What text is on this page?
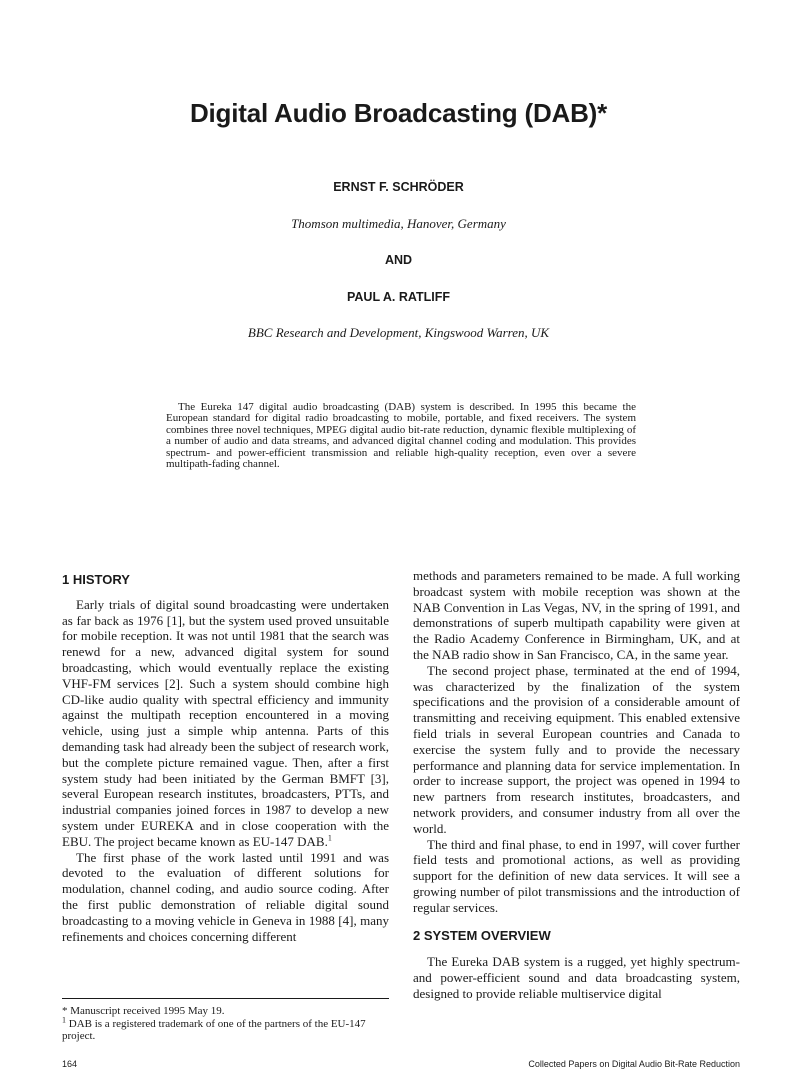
Digital Audio Broadcasting (DAB)*
ERNST F. SCHRÖDER
Thomson multimedia, Hanover, Germany
AND
PAUL A. RATLIFF
BBC Research and Development, Kingswood Warren, UK
The Eureka 147 digital audio broadcasting (DAB) system is described. In 1995 this became the European standard for digital radio broadcasting to mobile, portable, and fixed receivers. The system combines three novel techniques, MPEG digital audio bit-rate reduction, dynamic flexible multiplexing of a number of audio and data streams, and advanced digital channel coding and modulation. This provides spectrum- and power-efficient transmission and reliable high-quality reception, even over a severe multipath-fading channel.
1 HISTORY

Early trials of digital sound broadcasting were undertaken as far back as 1976 [1], but the system used proved unsuitable for mobile reception. It was not until 1981 that the search was renewd for a new, advanced digital system for sound broadcasting, which would eventually replace the existing VHF-FM services [2]. Such a system should combine high CD-like audio quality with spectral efficiency and immunity against the multipath reception encountered in a moving vehicle, using just a simple whip antenna. Parts of this demanding task had already been the subject of research work, but the complete picture remained vague. Then, after a first system study had been initiated by the German BMFT [3], several European research institutes, broadcasters, PTTs, and industrial companies joined forces in 1987 to develop a new system under EUREKA and in close cooperation with the EBU. The project became known as EU-147 DAB.$^1$

The first phase of the work lasted until 1991 and was devoted to the evaluation of different solutions for modulation, channel coding, and audio source coding. After the first public demonstration of reliable digital sound broadcasting to a moving vehicle in Geneva in 1988 [4], many refinements and choices concerning different

methods and parameters remained to be made. A full working broadcast system with mobile reception was shown at the NAB Convention in Las Vegas, NV, in the spring of 1991, and demonstrations of superb multipath capability were given at the Radio Academy Conference in Birmingham, UK, and at the NAB radio show in San Francisco, CA, in the same year.

The second project phase, terminated at the end of 1994, was characterized by the finalization of the system specifications and the provision of a considerable amount of transmitting and receiving equipment. This enabled extensive field trials in several European countries and Canada to exercise the system fully and to provide the necessary performance and planning data for service implementation. In order to increase support, the project was opened in 1994 to new partners from research institutes, broadcasters, and network providers, and consumer industry from all over the world.

The third and final phase, to end in 1997, will cover further field tests and promotional actions, as well as providing support for the definition of new data services. It will see a growing number of pilot transmissions and the introduction of regular services.

2 SYSTEM OVERVIEW

The Eureka DAB system is a rugged, yet highly spectrum- and power-efficient sound and data broadcasting system, designed to provide reliable multiservice digital

* Manuscript received 1995 May 19.
$^1$ DAB is a registered trademark of one of the partners of the EU-147 project.
164	Collected Papers on Digital Audio Bit-Rate Reduction
